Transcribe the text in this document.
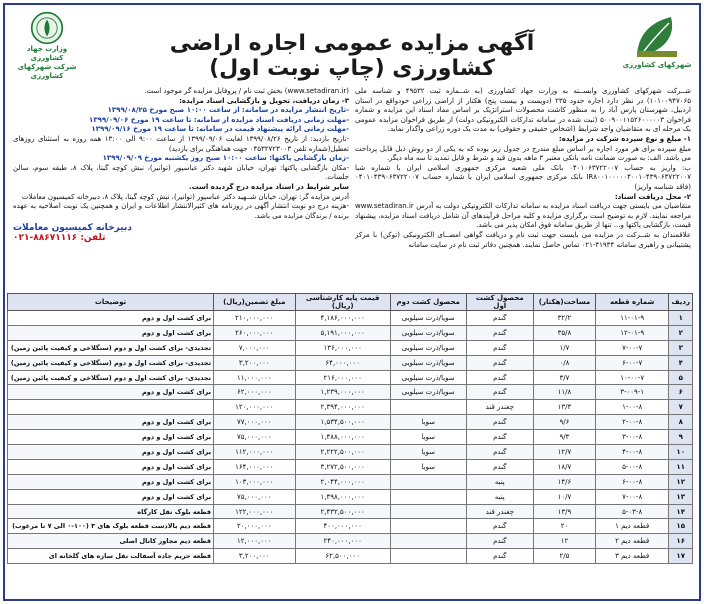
شهرکهای کشاورزی
آگهی مزایده عمومی اجاره اراضی کشاورزی (چاپ نوبت اول)
وزارت جهاد کشاورزی
شرکت شهرکهای کشاورزی

شــرکت شهرکهای کشاورزی وابســته به وزارت جهاد کشاورزی (به شــماره ثبت ۴۹۵۳۲ و شناسه ملی ۱۰۱۰۰۹۴۷۰۶۵) در نظر دارد اجاره حدود ۲۳۵ (دویست و بیست پنج) هکتار از اراضی زراعی خودواقع در استان اردبیل، شهرستان پارس آباد را به منظور کاشت محصولات استراتژیک بر اساس مفاد اسناد این مزایده و شماره فراخوان ۵۰۰۹۰۰۱۱۵۲۶۰۰۰۰۰۳ (ثبت شده در سامانه تدارکات الکترونیکی دولت) از طریق فراخوان مزایده عمومی یک مرحله ای به متقاضیان واجد شرایط (اشخاص حقیقی و حقوقی) به مدت یک دوره زراعی واگذار نماید.

۱- مبلغ و نوع سپرده شرکت در مزایده:

مبلغ سپرده برای هر مورد اجاره بر اساس مبلغ مندرج در جدول زیر بوده که به یکی از دو روش ذیل قابل پرداخت می باشد. الف: به صورت ضمانت نامه بانکی معتبر ۳ ماهه بدون قید و شرط و قابل تمدید تا سه ماه دیگر.

ب: واریز به حساب ۰۴۰۱۰۶۳۷۲۲۰۰۷ بانک ملی شعبه مرکزی جمهوری اسلامی ایران با شماره شبا IR۸۰۰۱۰۰۰۰۰۴۰۰۱۰۴۳۹۰۶۳۷۲۲۰۰۷ بانک مرکزی جمهوری اسلامی ایران با شماره حساب ۰۴۰۱۰۴۳۹۰۶۳۷۲۲۰۰۷ (فاقد شناسه واریز)

۲- محل دریافت اسناد:

متقاضیان می بایستی جهت دریافت اسناد مزایده به سامانه تدارکات الکترونیکی دولت به آدرس www.setadiran.ir مراجعه نمایند. لازم به توضیح است برگزاری مزایده و کلیه مراحل فرآیندهای آن شامل دریافت اسناد مزایده، پیشنهاد قیمت، بازگشایی پاکتها و... تنها از طریق سامانه فوق امکان پذیر می باشد.

علاقمندان به شــرکت در مزایده می بایست جهت ثبت نام و دریافت گواهی امضــای الکترونیکی (توکن) با مرکز پشتیبانی و راهبری سامانه ۴۱۹۳۴-۰۲۱ تماس حاصل نمایند. همچنین دفاتر ثبت نام در سایت سامانه

(www.setadiran.ir) بخش ثبت نام / پروفایل مزایده گر موجود است.

۳- زمان دریافت، تحویل و بازگشایی اسناد مزایده:

-تاریخ انتشار مزایده در سامانه: از ساعت ۱۰:۰۰ صبح مورخ ۱۳۹۹/۰۸/۲۵

-مهلت زمانی دریافت اسناد مزایده از سامانه: تا ساعت ۱۹ مورخ ۱۳۹۹/۰۹/۰۶

-مهلت زمانی ارائه پیشنهاد قیمت در سامانه: تا ساعت ۱۹ مورخ ۱۳۹۹/۰۹/۱۶

-تاریخ بازدید: از تاریخ ۱۳۹۹/۰۸/۲۶ لغایت ۱۳۹۹/۰۹/۰۶ از ساعت ۹:۰۰ الی ۱۳:۰۰ همه روزه به استثنای روزهای تعطیل(شماره تلفن ۰۴۵۳۲۷۲۳۰۰۳ جهت هماهنگی برای بازدید)

-زمان بازگشایی پاکتها: ساعت ۱۰:۰۰ صبح روز یکشنبه مورخ ۱۳۹۹/۰۹/۰۹

-مکان بازگشایی پاکتها: تهران، خیابان شهید دکتر عباسپور (توانیر)، نبش کوچه گیتا، پلاک ۸، طبقه سوم، سالن جلسات.

سایر شرایط در اسناد مزایده درج گردیده است.

آدرس مزایده گر: تهران، خیابان شــهید دکتر عباسپور (توانیر)، نبش کوچه گیتا، پلاک ۸، دبیرخانه کمیسیون معاملات

-هزینه درج دو نوبت انتشار آگهی در روزنامه های کثیرالانتشار اطلاعات و ایران و همچنین یک نوبت اصلاحیه به عهده برنده / برندگان مزایده می باشد.

دبیرخانه کمیسیون معاملات
تلفن: ۸۸۶۷۱۱۱۶-۰۲۱
ردیف	شماره قطعه	مساحت(هکتار)	محصول کشت اول	محصول کشت دوم	قیمت پایه کارشناسی (ریال)	مبلغ تضمین(ریال)	توضیحات
۱	۱۱-۰۱-۹	۳۲/۲	گندم	سویا/ذرت سیلویی	۴,۱۸۶,۰۰۰,۰۰۰	۲۱۰,۰۰۰,۰۰۰	برای کشت اول و دوم
۲	۱۲-۰۱-۹	۳۵/۸	گندم	سویا/ذرت سیلویی	۵,۱۹۱,۰۰۰,۰۰۰	۲۶۰,۰۰۰,۰۰۰	برای کشت اول و دوم
۳	۷-۰۰-۷	۱/۷	گندم	سویا/ذرت سیلویی	۱۳۶,۰۰۰,۰۰۰	۷,۰۰۰,۰۰۰	تجدیدی- برای کشت اول و دوم (سنگلاخی و کیفیت پائین زمین)
۴	۶-۰۰-۷	۰/۸	گندم	سویا/ذرت سیلویی	۶۴,۰۰۰,۰۰۰	۳,۲۰۰,۰۰۰	تجدیدی- برای کشت اول و دوم (سنگلاخی و کیفیت پائین زمین)
۵	۱۰-۰۰-۷	۳/۷	گندم	سویا/ذرت سیلویی	۲۱۶,۰۰۰,۰۰۰	۱۱,۰۰۰,۰۰۰	تجدیدی- برای کشت اول و دوم (سنگلاخی و کیفیت پائین زمین)
۶	۳-۰۰۹-۱	۱۱/۸	گندم	سویا/ذرت سیلویی	۱,۲۳۹,۰۰۰,۰۰۰	۶۲,۰۰۰,۰۰۰	برای کشت اول و دوم
۷	۱-۰۰-۸	۱۳/۳	چغندر قند		۲,۳۹۴,۰۰۰,۰۰۰	۱۲۰,۰۰۰,۰۰۰	
۸	۲-۰۰-۸	۹/۶	گندم	سویا	۱,۵۳۴,۵۰۰,۰۰۰	۷۷,۰۰۰,۰۰۰	برای کشت اول و دوم
۹	۳-۰۰-۸	۹/۳	گندم	سویا	۱,۴۸۸,۰۰۰,۰۰۰	۷۵,۰۰۰,۰۰۰	برای کشت اول و دوم
۱۰	۴-۰۰-۸	۱۲/۷	گندم	سویا	۲,۲۲۲,۵۰۰,۰۰۰	۱۱۲,۰۰۰,۰۰۰	برای کشت اول و دوم
۱۱	۵-۰۰-۸	۱۸/۷	گندم	سویا	۳,۲۷۲,۵۰۰,۰۰۰	۱۶۴,۰۰۰,۰۰۰	برای کشت اول و دوم
۱۲	۶-۰۰-۸	۱۴/۶	پنبه		۲,۰۴۴,۰۰۰,۰۰۰	۱۰۳,۰۰۰,۰۰۰	برای کشت اول و دوم
۱۳	۷-۰۰-۸	۱۰/۷	پنبه		۱,۴۹۸,۰۰۰,۰۰۰	۷۵,۰۰۰,۰۰۰	برای کشت اول و دوم
۱۴	۵-۰۳-۸	۱۳/۹	چغندر قند		۲,۴۳۲,۵۰۰,۰۰۰	۱۲۲,۰۰۰,۰۰۰	قطعه بلوک نقل کارگاه
۱۵	قطعه دیم ۱	۲۰	گندم		۴۰۰,۰۰۰,۰۰۰	۲۰,۰۰۰,۰۰۰	قطعه دیم بالادست قطعه بلوک های ۳ (۱۰۰-۰ الی ۷ تا مرغوب)
۱۶	قطعه دیم ۲	۱۲	گندم		۲۴۰,۰۰۰,۰۰۰	۱۲,۰۰۰,۰۰۰	قطعه دیم مجاور کانال اصلی
۱۷	قطعه دیم ۳	۲/۵	گندم		۶۲,۵۰۰,۰۰۰	۳,۲۰۰,۰۰۰	قطعه حریم جاده آسفالت نقل سازه های گلخانه ای
